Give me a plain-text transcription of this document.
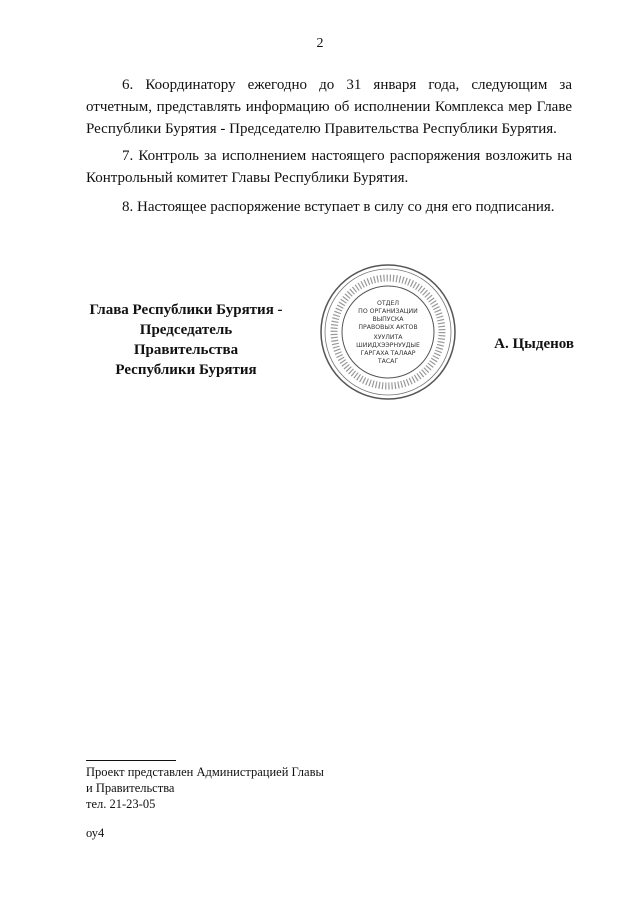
2
6. Координатору ежегодно до 31 января года, следующим за отчетным, представлять информацию об исполнении Комплекса мер Главе Республики Бурятия - Председателю Правительства Республики Бурятия.
7. Контроль за исполнением настоящего распоряжения возложить на Контрольный комитет Главы Республики Бурятия.
8. Настоящее распоряжение вступает в силу со дня его подписания.
Глава Республики Бурятия -
Председатель Правительства
Республики Бурятия
ОТДЕЛ
ПО ОРГАНИЗАЦИИ
ВЫПУСКА
ПРАВОВЫХ АКТОВ
ХУУЛИТА
ШИИДХЭЭРНУУДЫЕ
ГАРГАХА ТАЛААР
ТАСАГ
А. Цыденов
Проект представлен Администрацией Главы
и Правительства
тел. 21-23-05
оу4
